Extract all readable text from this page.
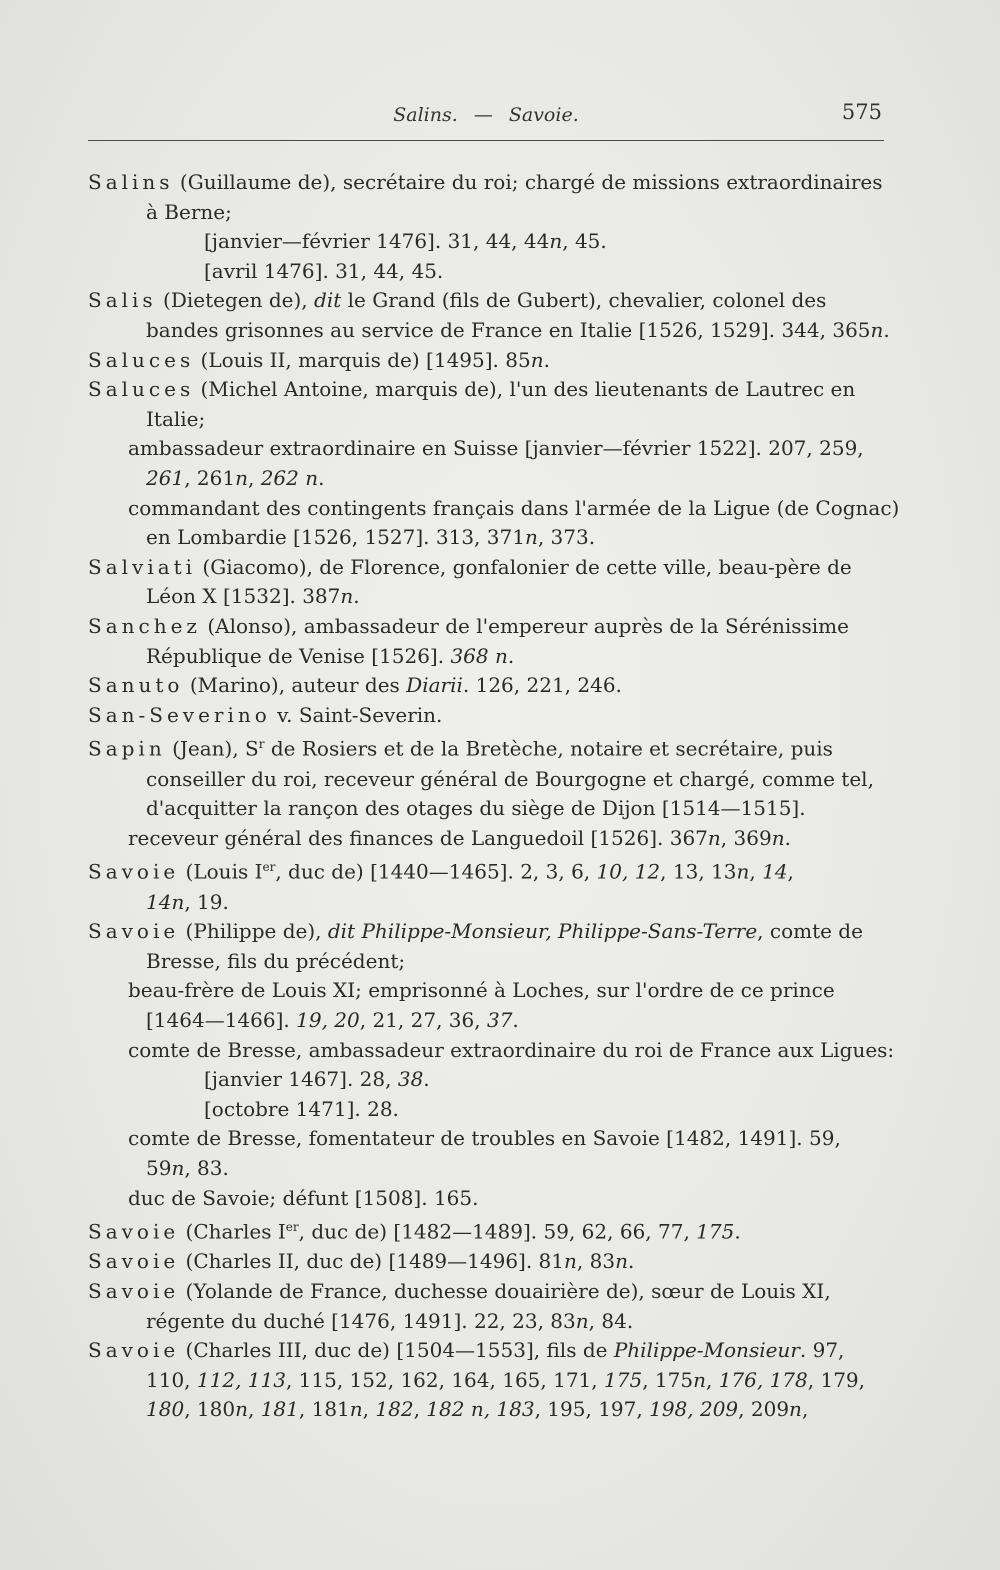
Salins. — Savoie.	575
Salins (Guillaume de), secrétaire du roi; chargé de missions extraordinaires
à Berne;
[janvier—février 1476]. 31, 44, 44n, 45.
[avril 1476]. 31, 44, 45.
Salis (Dietegen de), dit le Grand (fils de Gubert), chevalier, colonel des
bandes grisonnes au service de France en Italie [1526, 1529]. 344, 365n.
Saluces (Louis II, marquis de) [1495]. 85n.
Saluces (Michel Antoine, marquis de), l'un des lieutenants de Lautrec en
Italie;
ambassadeur extraordinaire en Suisse [janvier—février 1522]. 207, 259,
261, 261n, 262 n.
commandant des contingents français dans l'armée de la Ligue (de Cognac)
en Lombardie [1526, 1527]. 313, 371n, 373.
Salviati (Giacomo), de Florence, gonfalonier de cette ville, beau-père de
Léon X [1532]. 387n.
Sanchez (Alonso), ambassadeur de l'empereur auprès de la Sérénissime
République de Venise [1526]. 368 n.
Sanuto (Marino), auteur des Diarii. 126, 221, 246.
San-Severino v. Saint-Severin.
Sapin (Jean), $S^r$ de Rosiers et de la Bretèche, notaire et secrétaire, puis
conseiller du roi, receveur général de Bourgogne et chargé, comme tel,
d'acquitter la rançon des otages du siège de Dijon [1514—1515].
receveur général des finances de Languedoil [1526]. 367n, 369n.
Savoie (Louis Ier, duc de) [1440—1465]. 2, 3, 6, 10, 12, 13, 13n, 14,
14n, 19.
Savoie (Philippe de), dit Philippe-Monsieur, Philippe-Sans-Terre, comte de
Bresse, fils du précédent;
beau-frère de Louis XI; emprisonné à Loches, sur l'ordre de ce prince
[1464—1466]. 19, 20, 21, 27, 36, 37.
comte de Bresse, ambassadeur extraordinaire du roi de France aux Ligues:
[janvier 1467]. 28, 38.
[octobre 1471]. 28.
comte de Bresse, fomentateur de troubles en Savoie [1482, 1491]. 59,
59n, 83.
duc de Savoie; défunt [1508]. 165.
Savoie (Charles Ier, duc de) [1482—1489]. 59, 62, 66, 77, 175.
Savoie (Charles II, duc de) [1489—1496]. 81n, 83n.
Savoie (Yolande de France, duchesse douairière de), sœur de Louis XI,
régente du duché [1476, 1491]. 22, 23, 83n, 84.
Savoie (Charles III, duc de) [1504—1553], fils de Philippe-Monsieur. 97,
110, 112, 113, 115, 152, 162, 164, 165, 171, 175, 175n, 176, 178, 179,
180, 180n, 181, 181n, 182, 182 n, 183, 195, 197, 198, 209, 209n,
